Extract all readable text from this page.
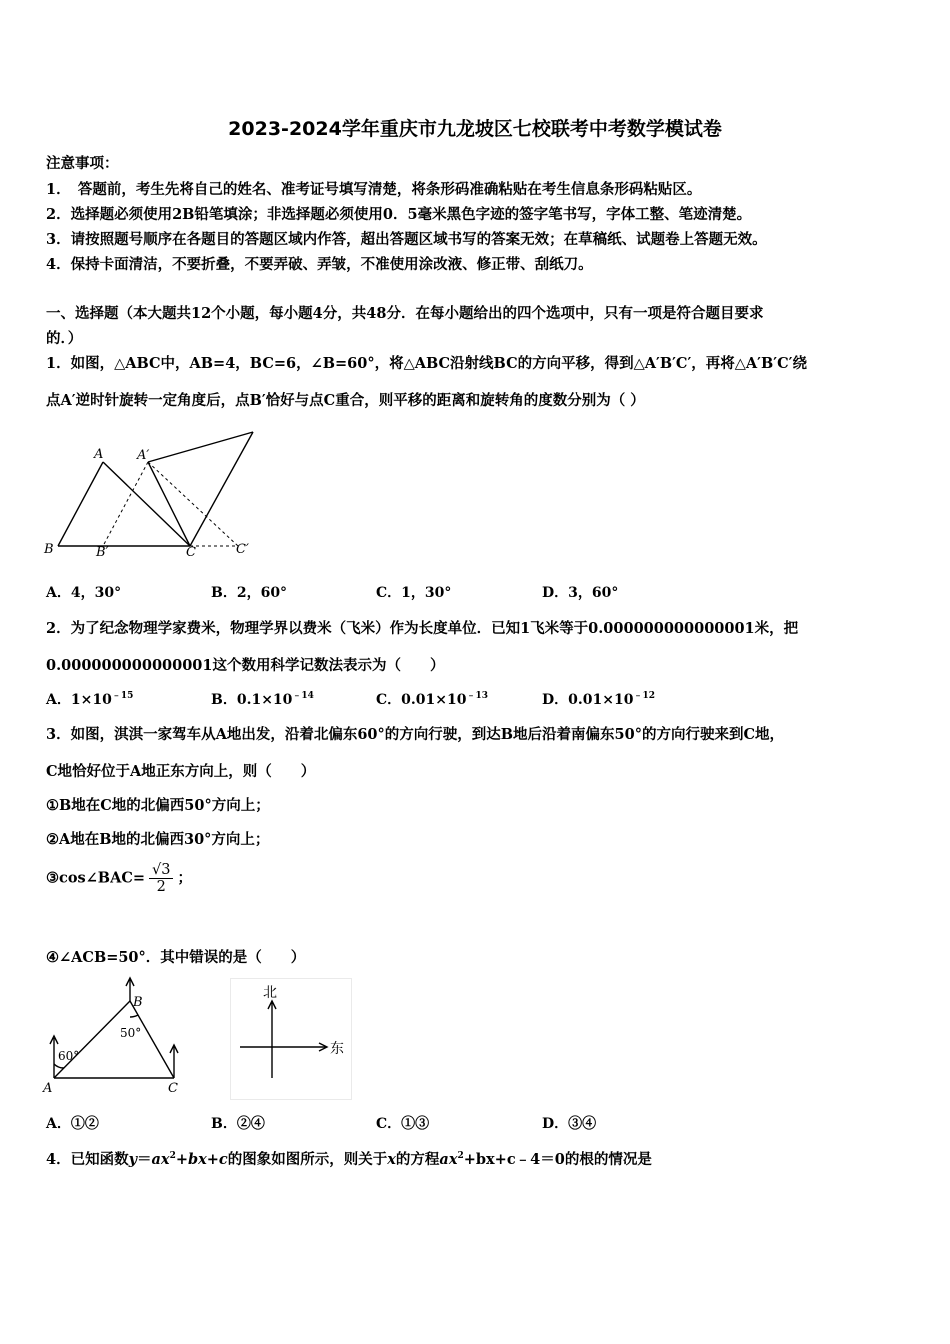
2023-2024学年重庆市九龙坡区七校联考中考数学模试卷
注意事项：
1．　答题前，考生先将自己的姓名、准考证号填写清楚，将条形码准确粘贴在考生信息条形码粘贴区。
2．选择题必须使用2B铅笔填涂；非选择题必须使用0．5毫米黑色字迹的签字笔书写，字体工整、笔迹清楚。
3．请按照题号顺序在各题目的答题区域内作答，超出答题区域书写的答案无效；在草稿纸、试题卷上答题无效。
4．保持卡面清洁，不要折叠，不要弄破、弄皱，不准使用涂改液、修正带、刮纸刀。
一、选择题（本大题共12个小题，每小题4分，共48分．在每小题给出的四个选项中，只有一项是符合题目要求
的．）
1．如图，△ABC中，AB=4，BC=6，∠B=60°，将△ABC沿射线BC的方向平移，得到△A′B′C′，再将△A′B′C′绕
点A′逆时针旋转一定角度后，点B′恰好与点C重合，则平移的距离和旋转角的度数分别为（ ）
A	A′
B	B′	C	C′
A．4，30°	B．2，60°	C．1，30°	D．3，60°
2．为了纪念物理学家费米，物理学界以费米（飞米）作为长度单位．已知1飞米等于0.000000000000001米，把
0.000000000000001这个数用科学记数法表示为（　　）
A．$1\times 10^{﹣15}$	B．$0.1\times 10^{﹣14}$	C．$0.01\times 10^{﹣13}$	D．$0.01\times 10^{﹣12}$
3．如图，淇淇一家驾车从A地出发，沿着北偏东60°的方向行驶，到达B地后沿着南偏东50°的方向行驶来到C地，
C地恰好位于A地正东方向上，则（　　）
①B地在C地的北偏西50°方向上；
②A地在B地的北偏西30°方向上；
③cos∠BAC= $\frac{√3}{2}$ ；
④∠ACB=50°．其中错误的是（　　）
A
B
C
60°
50°
北
东
A．①②	B．②④	C．①③	D．③④
4．已知函数$y=ax^2+bx+c$的图象如图所示，则关于x的方程$ax^2+bx+c﹣4=0$的根的情况是
